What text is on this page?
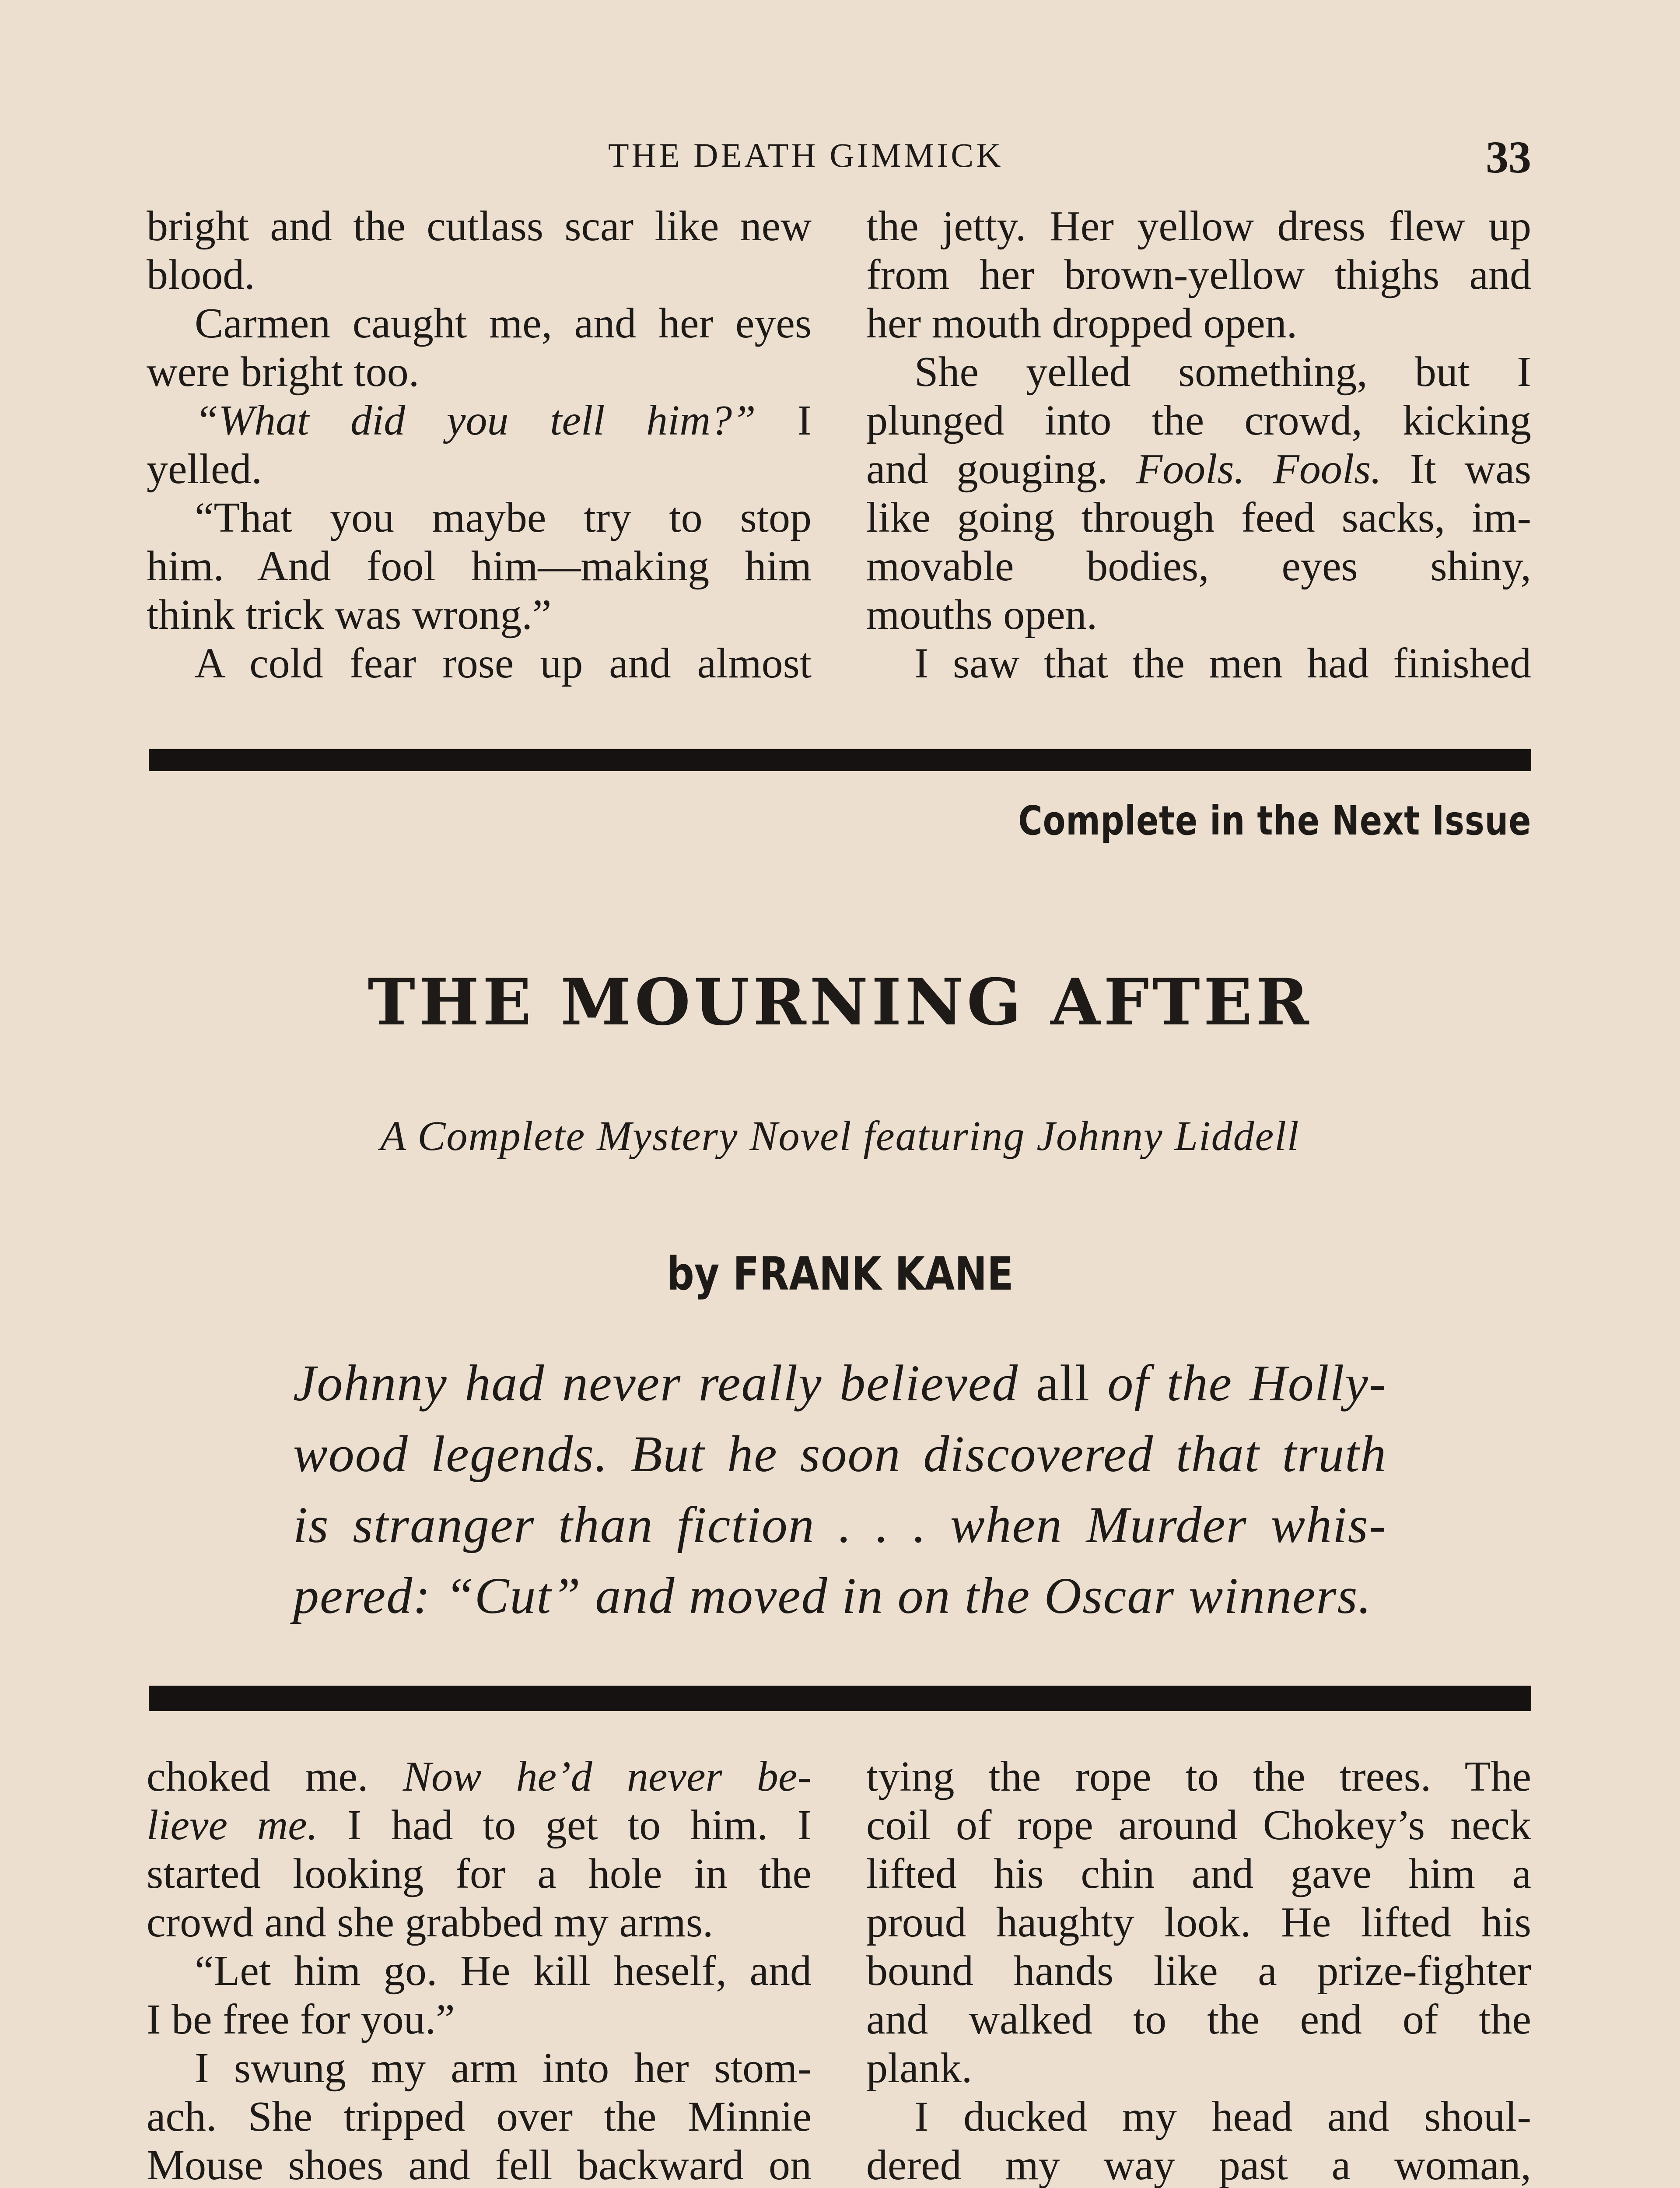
THE DEATH GIMMICK	33

bright and the cutlass scar like new

blood.

Carmen caught me, and her eyes

were bright too.

“What did you tell him?” I

yelled.

“That you maybe try to stop

him. And fool him—making him

think trick was wrong.”

A cold fear rose up and almost

the jetty. Her yellow dress flew up

from her brown-yellow thighs and

her mouth dropped open.

She yelled something, but I

plunged into the crowd, kicking

and gouging. Fools. Fools. It was

like going through feed sacks, im-

movable bodies, eyes shiny,

mouths open.

I saw that the men had finished

Complete in the Next Issue
THE MOURNING AFTER
A Complete Mystery Novel featuring Johnny Liddell
by FRANK KANE

Johnny had never really believed all of the Holly-

wood legends. But he soon discovered that truth

is stranger than fiction . . . when Murder whis-

pered: “Cut” and moved in on the Oscar winners.

choked me. Now he’d never be-

lieve me. I had to get to him. I

started looking for a hole in the

crowd and she grabbed my arms.

“Let him go. He kill heself, and

I be free for you.”

I swung my arm into her stom-

ach. She tripped over the Minnie

Mouse shoes and fell backward on

tying the rope to the trees. The

coil of rope around Chokey’s neck

lifted his chin and gave him a

proud haughty look. He lifted his

bound hands like a prize-fighter

and walked to the end of the

plank.

I ducked my head and shoul-

dered my way past a woman,
